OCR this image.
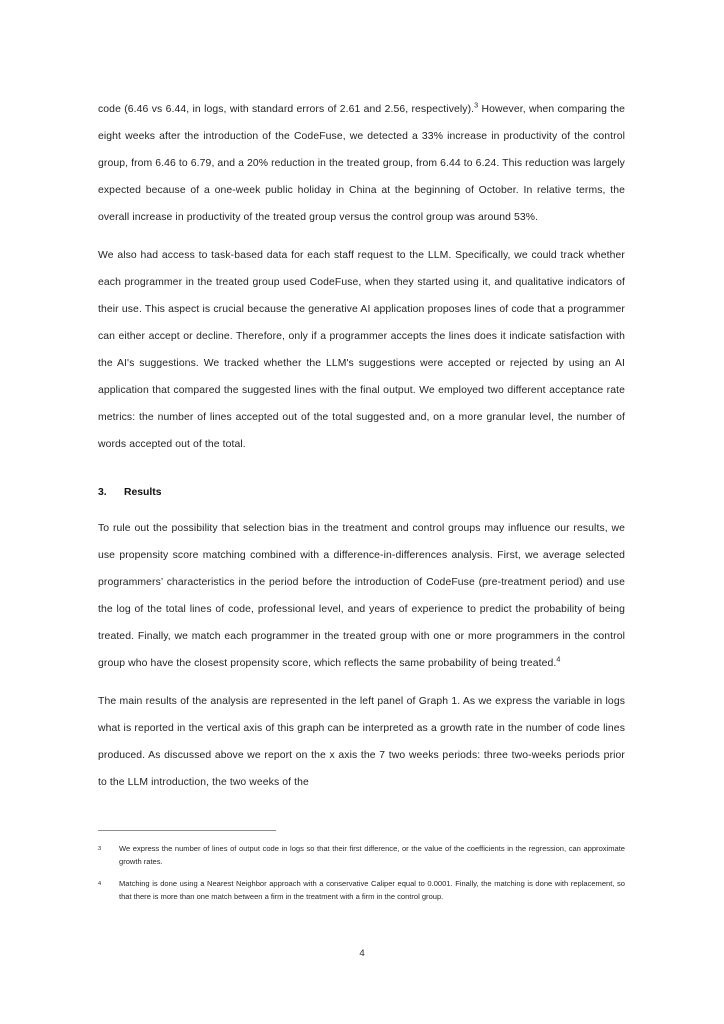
code (6.46 vs 6.44, in logs, with standard errors of 2.61 and 2.56, respectively).$^3$ However, when comparing the eight weeks after the introduction of the CodeFuse, we detected a 33% increase in productivity of the control group, from 6.46 to 6.79, and a 20% reduction in the treated group, from 6.44 to 6.24. This reduction was largely expected because of a one-week public holiday in China at the beginning of October. In relative terms, the overall increase in productivity of the treated group versus the control group was around 53%.

We also had access to task-based data for each staff request to the LLM. Specifically, we could track whether each programmer in the treated group used CodeFuse, when they started using it, and qualitative indicators of their use. This aspect is crucial because the generative AI application proposes lines of code that a programmer can either accept or decline. Therefore, only if a programmer accepts the lines does it indicate satisfaction with the AI's suggestions. We tracked whether the LLM's suggestions were accepted or rejected by using an AI application that compared the suggested lines with the final output. We employed two different acceptance rate metrics: the number of lines accepted out of the total suggested and, on a more granular level, the number of words accepted out of the total.

3. Results

To rule out the possibility that selection bias in the treatment and control groups may influence our results, we use propensity score matching combined with a difference-in-differences analysis. First, we average selected programmers’ characteristics in the period before the introduction of CodeFuse (pre-treatment period) and use the log of the total lines of code, professional level, and years of experience to predict the probability of being treated. Finally, we match each programmer in the treated group with one or more programmers in the control group who have the closest propensity score, which reflects the same probability of being treated.$^4$

The main results of the analysis are represented in the left panel of Graph 1. As we express the variable in logs what is reported in the vertical axis of this graph can be interpreted as a growth rate in the number of code lines produced. As discussed above we report on the x axis the 7 two weeks periods: three two-weeks periods prior to the LLM introduction, the two weeks of the

3 We express the number of lines of output code in logs so that their first difference, or the value of the coefficients in the regression, can approximate growth rates.
4 Matching is done using a Nearest Neighbor approach with a conservative Caliper equal to 0.0001. Finally, the matching is done with replacement, so that there is more than one match between a firm in the treatment with a firm in the control group.
4
